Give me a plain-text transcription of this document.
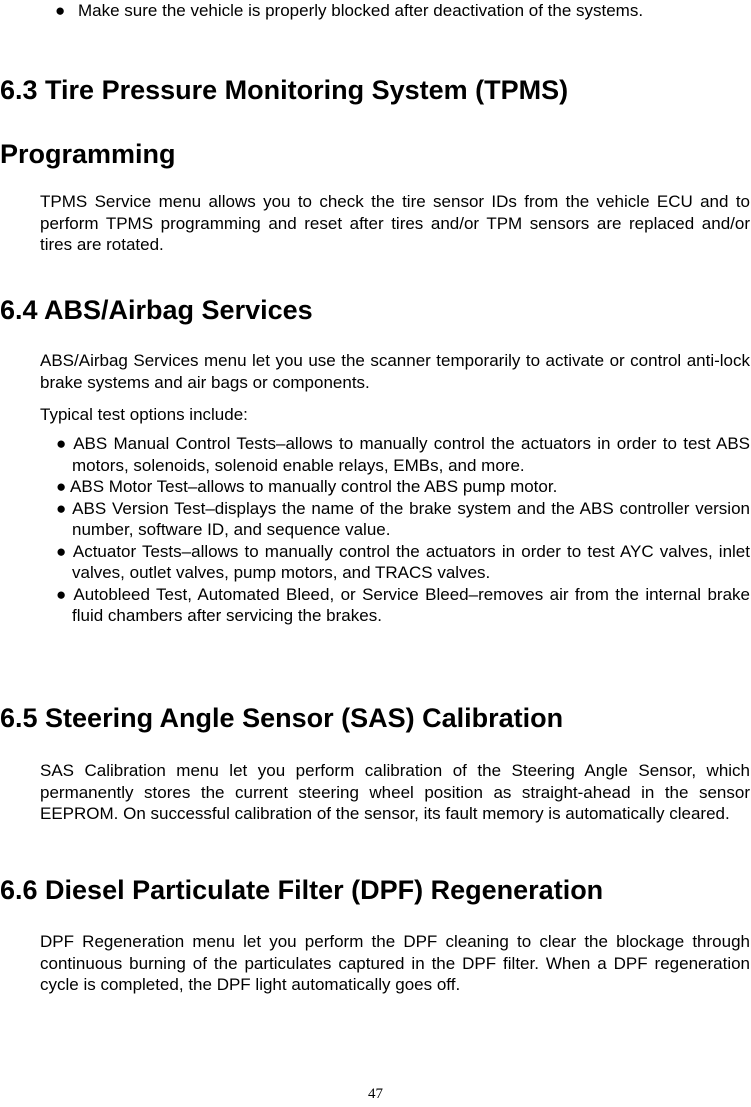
● Make sure the vehicle is properly blocked after deactivation of the systems.
6.3 Tire Pressure Monitoring System (TPMS)
Programming

TPMS Service menu allows you to check the tire sensor IDs from the vehicle ECU and to perform TPMS programming and reset after tires and/or TPM sensors are replaced and/or tires are rotated.

6.4 ABS/Airbag Services

ABS/Airbag Services menu let you use the scanner temporarily to activate or control anti-lock brake systems and air bags or components.

Typical test options include:

● ABS Manual Control Tests–allows to manually control the actuators in order to test ABS motors, solenoids, solenoid enable relays, EMBs, and more.
● ABS Motor Test–allows to manually control the ABS pump motor.
● ABS Version Test–displays the name of the brake system and the ABS controller version number, software ID, and sequence value.
● Actuator Tests–allows to manually control the actuators in order to test AYC valves, inlet valves, outlet valves, pump motors, and TRACS valves.
● Autobleed Test, Automated Bleed, or Service Bleed–removes air from the internal brake fluid chambers after servicing the brakes.
6.5 Steering Angle Sensor (SAS) Calibration

SAS Calibration menu let you perform calibration of the Steering Angle Sensor, which permanently stores the current steering wheel position as straight-ahead in the sensor EEPROM. On successful calibration of the sensor, its fault memory is automatically cleared.

6.6 Diesel Particulate Filter (DPF) Regeneration

DPF Regeneration menu let you perform the DPF cleaning to clear the blockage through continuous burning of the particulates captured in the DPF filter. When a DPF regeneration cycle is completed, the DPF light automatically goes off.

47
